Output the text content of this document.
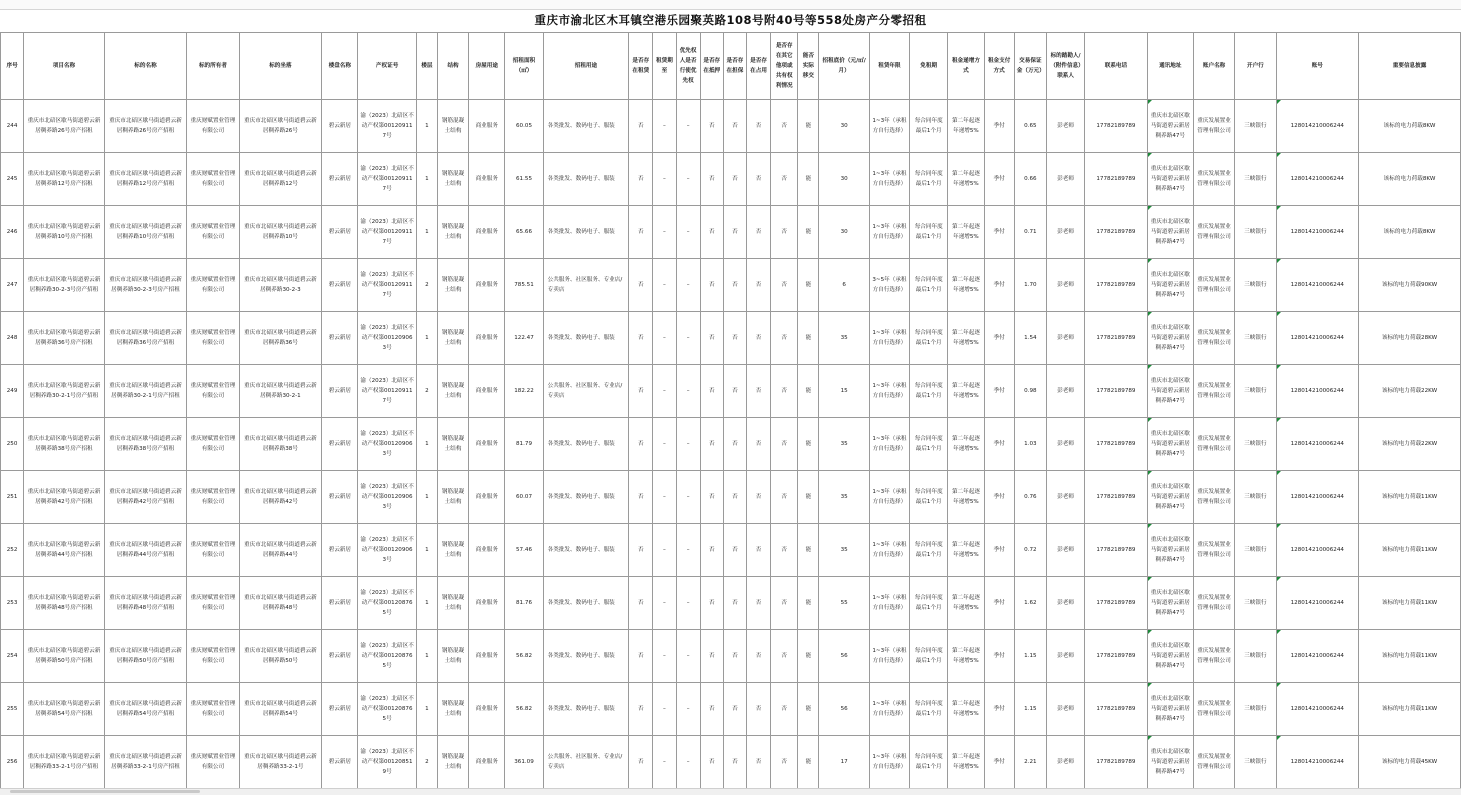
重庆市渝北区木耳镇空港乐园聚英路108号附40号等558处房产分零招租
序号	项目名称	标的名称	标的所有者	标的坐落	楼盘名称	产权证号	楼层	结构	房屋用途	招租面积（㎡）	招租用途	是否存在租赁	租赁期至	优先权人是否行使优先权	是否存在抵押	是否存在担保	是否存在占用	是否存在其它他项或共有权利情况	能否实际移交	招租底价（元/㎡/月）	租赁年限	免租期	租金递增方式	租金支付方式	交易保证金（万元）	标的踏勘人/（附件信息）联系人	联系电话	通讯地址	账户名称	开户行	账号	重要信息披露
244	重庆市北碚区歇马街道碧云新居稠养路26号房产招租	重庆市北碚区歇马街道碧云新居稠养路26号房产招租	重庆财赋置业管理有限公司	重庆市北碚区歇马街道碧云新居稠养路26号	碧云新居	渝（2023）北碚区不动产权第001209117号	1	钢筋混凝土结构	商业服务	60.05	各类批发、数码电子、服装	否	–	–	否	否	否	否	能	30	1~3年（承租方自行选择）	每合同年度最后1个月	第二年起逐年递增5%	季付	0.65	彭老师	17782189789	重庆市北碚区歇马街道碧云新居稠养路47号	重庆发展置业管理有限公司	三峡银行	12801421000​6244	该标的电力荷载8KW
245	重庆市北碚区歇马街道碧云新居稠养路12号房产招租	重庆市北碚区歇马街道碧云新居稠养路12号房产招租	重庆财赋置业管理有限公司	重庆市北碚区歇马街道碧云新居稠养路12号	碧云新居	渝（2023）北碚区不动产权第001209117号	1	钢筋混凝土结构	商业服务	61.55	各类批发、数码电子、服装	否	–	–	否	否	否	否	能	30	1~3年（承租方自行选择）	每合同年度最后1个月	第二年起逐年递增5%	季付	0.66	彭老师	17782189789	重庆市北碚区歇马街道碧云新居稠养路47号	重庆发展置业管理有限公司	三峡银行	12801421000​6244	该标的电力荷载8KW
246	重庆市北碚区歇马街道碧云新居稠养路10号房产招租	重庆市北碚区歇马街道碧云新居稠养路10号房产招租	重庆财赋置业管理有限公司	重庆市北碚区歇马街道碧云新居稠养路10号	碧云新居	渝（2023）北碚区不动产权第001209117号	1	钢筋混凝土结构	商业服务	65.66	各类批发、数码电子、服装	否	–	–	否	否	否	否	能	30	1~3年（承租方自行选择）	每合同年度最后1个月	第二年起逐年递增5%	季付	0.71	彭老师	17782189789	重庆市北碚区歇马街道碧云新居稠养路47号	重庆发展置业管理有限公司	三峡银行	12801421000​6244	该标的电力荷载8KW
247	重庆市北碚区歇马街道碧云新居稠养路30-2-3号房产招租	重庆市北碚区歇马街道碧云新居稠养路30-2-3号房产招租	重庆财赋置业管理有限公司	重庆市北碚区歇马街道碧云新居稠养路30-2-3	碧云新居	渝（2023）北碚区不动产权第001209117号	2	钢筋混凝土结构	商业服务	785.51	公共服务、社区服务、专业店/专卖店	否	–	–	否	否	否	否	能	6	3~5年（承租方自行选择）	每合同年度最后1个月	第二年起逐年递增5%	季付	1.70	彭老师	17782189789	重庆市北碚区歇马街道碧云新居稠养路47号	重庆发展置业管理有限公司	三峡银行	12801421000​6244	该标的电力荷载90KW
248	重庆市北碚区歇马街道碧云新居稠养路36号房产招租	重庆市北碚区歇马街道碧云新居稠养路36号房产招租	重庆财赋置业管理有限公司	重庆市北碚区歇马街道碧云新居稠养路36号	碧云新居	渝（2023）北碚区不动产权第001209063号	1	钢筋混凝土结构	商业服务	122.47	各类批发、数码电子、服装	否	–	–	否	否	否	否	能	35	1~3年（承租方自行选择）	每合同年度最后1个月	第二年起逐年递增5%	季付	1.54	彭老师	17782189789	重庆市北碚区歇马街道碧云新居稠养路47号	重庆发展置业管理有限公司	三峡银行	12801421000​6244	该标的电力荷载28KW
249	重庆市北碚区歇马街道碧云新居稠养路30-2-1号房产招租	重庆市北碚区歇马街道碧云新居稠养路30-2-1号房产招租	重庆财赋置业管理有限公司	重庆市北碚区歇马街道碧云新居稠养路30-2-1	碧云新居	渝（2023）北碚区不动产权第001209117号	2	钢筋混凝土结构	商业服务	182.22	公共服务、社区服务、专业店/专卖店	否	–	–	否	否	否	否	能	15	1~3年（承租方自行选择）	每合同年度最后1个月	第二年起逐年递增5%	季付	0.98	彭老师	17782189789	重庆市北碚区歇马街道碧云新居稠养路47号	重庆发展置业管理有限公司	三峡银行	12801421000​6244	该标的电力荷载22KW
250	重庆市北碚区歇马街道碧云新居稠养路38号房产招租	重庆市北碚区歇马街道碧云新居稠养路38号房产招租	重庆财赋置业管理有限公司	重庆市北碚区歇马街道碧云新居稠养路38号	碧云新居	渝（2023）北碚区不动产权第001209063号	1	钢筋混凝土结构	商业服务	81.79	各类批发、数码电子、服装	否	–	–	否	否	否	否	能	35	1~3年（承租方自行选择）	每合同年度最后1个月	第二年起逐年递增5%	季付	1.03	彭老师	17782189789	重庆市北碚区歇马街道碧云新居稠养路47号	重庆发展置业管理有限公司	三峡银行	12801421000​6244	该标的电力荷载22KW
251	重庆市北碚区歇马街道碧云新居稠养路42号房产招租	重庆市北碚区歇马街道碧云新居稠养路42号房产招租	重庆财赋置业管理有限公司	重庆市北碚区歇马街道碧云新居稠养路42号	碧云新居	渝（2023）北碚区不动产权第001209063号	1	钢筋混凝土结构	商业服务	60.07	各类批发、数码电子、服装	否	–	–	否	否	否	否	能	35	1~3年（承租方自行选择）	每合同年度最后1个月	第二年起逐年递增5%	季付	0.76	彭老师	17782189789	重庆市北碚区歇马街道碧云新居稠养路47号	重庆发展置业管理有限公司	三峡银行	12801421000​6244	该标的电力荷载11KW
252	重庆市北碚区歇马街道碧云新居稠养路44号房产招租	重庆市北碚区歇马街道碧云新居稠养路44号房产招租	重庆财赋置业管理有限公司	重庆市北碚区歇马街道碧云新居稠养路44号	碧云新居	渝（2023）北碚区不动产权第001209063号	1	钢筋混凝土结构	商业服务	57.46	各类批发、数码电子、服装	否	–	–	否	否	否	否	能	35	1~3年（承租方自行选择）	每合同年度最后1个月	第二年起逐年递增5%	季付	0.72	彭老师	17782189789	重庆市北碚区歇马街道碧云新居稠养路47号	重庆发展置业管理有限公司	三峡银行	12801421000​6244	该标的电力荷载11KW
253	重庆市北碚区歇马街道碧云新居稠养路48号房产招租	重庆市北碚区歇马街道碧云新居稠养路48号房产招租	重庆财赋置业管理有限公司	重庆市北碚区歇马街道碧云新居稠养路48号	碧云新居	渝（2023）北碚区不动产权第001208765号	1	钢筋混凝土结构	商业服务	81.76	各类批发、数码电子、服装	否	–	–	否	否	否	否	能	55	1~3年（承租方自行选择）	每合同年度最后1个月	第二年起逐年递增5%	季付	1.62	彭老师	17782189789	重庆市北碚区歇马街道碧云新居稠养路47号	重庆发展置业管理有限公司	三峡银行	12801421000​6244	该标的电力荷载11KW
254	重庆市北碚区歇马街道碧云新居稠养路50号房产招租	重庆市北碚区歇马街道碧云新居稠养路50号房产招租	重庆财赋置业管理有限公司	重庆市北碚区歇马街道碧云新居稠养路50号	碧云新居	渝（2023）北碚区不动产权第001208765号	1	钢筋混凝土结构	商业服务	56.82	各类批发、数码电子、服装	否	–	–	否	否	否	否	能	56	1~3年（承租方自行选择）	每合同年度最后1个月	第二年起逐年递增5%	季付	1.15	彭老师	17782189789	重庆市北碚区歇马街道碧云新居稠养路47号	重庆发展置业管理有限公司	三峡银行	12801421000​6244	该标的电力荷载11KW
255	重庆市北碚区歇马街道碧云新居稠养路54号房产招租	重庆市北碚区歇马街道碧云新居稠养路54号房产招租	重庆财赋置业管理有限公司	重庆市北碚区歇马街道碧云新居稠养路54号	碧云新居	渝（2023）北碚区不动产权第001208765号	1	钢筋混凝土结构	商业服务	56.82	各类批发、数码电子、服装	否	–	–	否	否	否	否	能	56	1~3年（承租方自行选择）	每合同年度最后1个月	第二年起逐年递增5%	季付	1.15	彭老师	17782189789	重庆市北碚区歇马街道碧云新居稠养路47号	重庆发展置业管理有限公司	三峡银行	12801421000​6244	该标的电力荷载11KW
256	重庆市北碚区歇马街道碧云新居稠养路33-2-1号房产招租	重庆市北碚区歇马街道碧云新居稠养路33-2-1号房产招租	重庆财赋置业管理有限公司	重庆市北碚区歇马街道碧云新居稠养路33-2-1号	碧云新居	渝（2023）北碚区不动产权第001208519号	2	钢筋混凝土结构	商业服务	361.09	公共服务、社区服务、专业店/专卖店	否	–	–	否	否	否	否	能	17	1~3年（承租方自行选择）	每合同年度最后1个月	第二年起逐年递增5%	季付	2.21	彭老师	17782189789	重庆市北碚区歇马街道碧云新居稠养路47号	重庆发展置业管理有限公司	三峡银行	12801421000​6244	该标的电力荷载45KW
